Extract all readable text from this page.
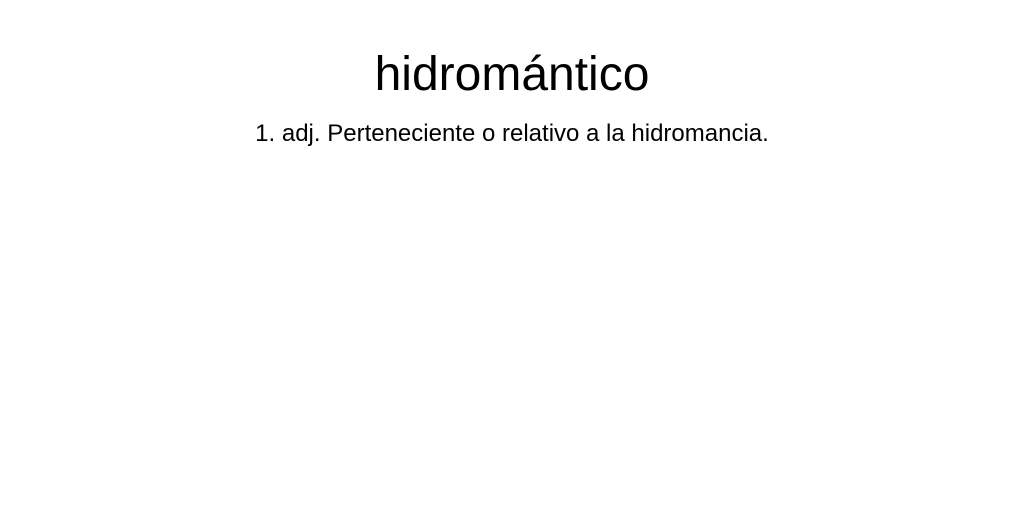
hidromántico

1. adj. Perteneciente o relativo a la hidromancia.
